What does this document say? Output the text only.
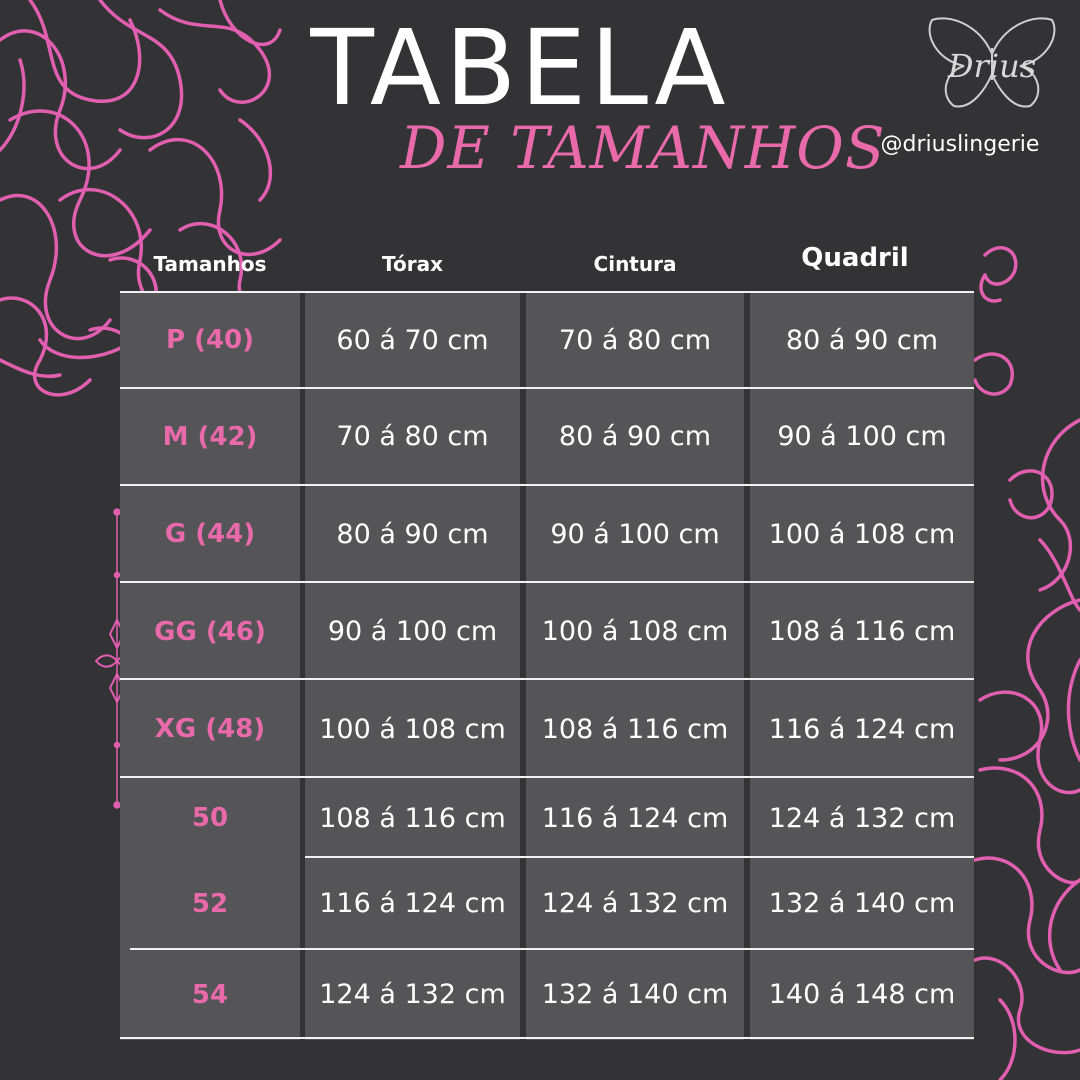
Drius
@driuslingerie
TABELA
DE TAMANHOS
Tamanhos	Tórax	Cintura	Quadril
P (40)	60 á 70 cm	70 á 80 cm	80 á 90 cm
M (42)	70 á 80 cm	80 á 90 cm	90 á 100 cm
G (44)	80 á 90 cm	90 á 100 cm	100 á 108 cm
GG (46)	90 á 100 cm	100 á 108 cm	108 á 116 cm
XG (48)	100 á 108 cm	108 á 116 cm	116 á 124 cm
50	108 á 116 cm	116 á 124 cm	124 á 132 cm
52	116 á 124 cm	124 á 132 cm	132 á 140 cm
54	124 á 132 cm	132 á 140 cm	140 á 148 cm
